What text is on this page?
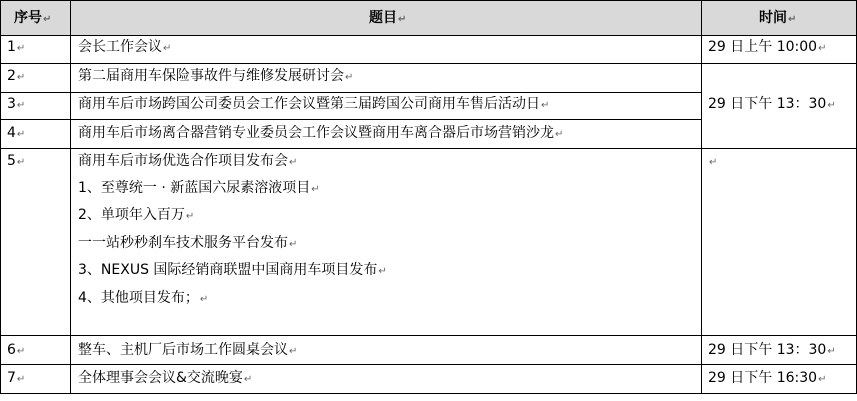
序号↵	题目↵	时间↵
1↵	会长工作会议↵	29 日上午 10:00↵
2↵	第二届商用车保险事故件与维修发展研讨会↵
3↵	商用车后市场跨国公司委员会工作会议暨第三届跨国公司商用车售后活动日↵	29 日下午 13：30↵
4↵	商用车后市场离合器营销专业委员会工作会议暨商用车离合器后市场营销沙龙↵
5↵	商用车后市场优选合作项目发布会↵
1、至尊统一 · 新蓝国六尿素溶液项目↵
2、单项年入百万↵
一一站秒秒刹车技术服务平台发布↵
3、NEXUS 国际经销商联盟中国商用车项目发布↵
4、其他项目发布；↵
↵
6↵	整车、主机厂后市场工作圆桌会议↵	29 日下午 13：30↵
7↵	全体理事会会议&交流晚宴↵	29 日下午 16:30↵
